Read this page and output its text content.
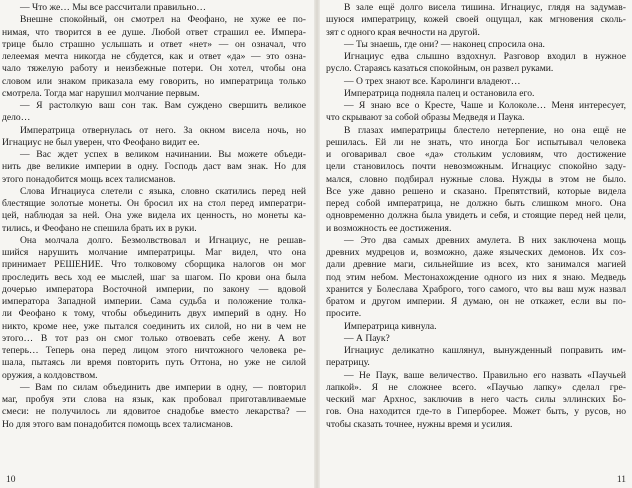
— Что же… Мы все рассчитали правильно…
Внешне спокойный, он смотрел на Феофано, не хуже ее по-
нимая, что творится в ее душе. Любой ответ страшил ее. Импера-
трице было страшно услышать и ответ «нет» — он означал, что
лелеемая мечта никогда не сбудется, как и ответ «да» — это озна-
чало тяжелую работу и неизбежные потери. Он хотел, чтобы она
словом или знаком приказала ему говорить, но императрица только
смотрела. Тогда маг нарушил молчание первым.
— Я растолкую ваш сон так. Вам суждено свершить великое
дело…
Императрица отвернулась от него. За окном висела ночь, но
Игнациус не был уверен, что Феофано видит ее.
— Вас ждет успех в великом начинании. Вы можете объеди-
нить две великие империи в одну. Господь даст вам знак. Но для
этого понадобится мощь всех талисманов.
Слова Игнациуса слетели с языка, словно скатились перед ней
блестящие золотые монеты. Он бросил их на стол перед императри-
цей, наблюдая за ней. Она уже видела их ценность, но монеты ка-
тились, и Феофано не спешила брать их в руки.
Она молчала долго. Безмолвствовал и Игнациус, не решав-
шийся нарушить молчание императрицы. Маг видел, что она
принимает РЕШЕНИЕ. Что толковому сборщика налогов он мог
проследить весь ход ее мыслей, шаг за шагом. По крови она была
дочерью императора Восточной империи, по закону — вдовой
императора Западной империи. Сама судьба и положение толка-
ли Феофано к тому, чтобы объединить двух империй в одну. Но
никто, кроме нее, уже пытался соединить их силой, но ни в чем не
этого… В тот раз он смог только отвоевать себе жену. А вот
теперь… Теперь она перед лицом этого ничтожного человека ре-
шала, пытаясь ли время повторить путь Оттона, но уже не силой
оружия, а колдовством.
— Вам по силам объединить две империи в одну, — повторил
маг, пробуя эти слова на язык, как пробовал приготавливаемые
смеси: не получилось ли ядовитое снадобье вместо лекарства? —
Но для этого вам понадобится помощь всех талисманов.
В зале ещё долго висела тишина. Игнациус, глядя на задумав-
шуюся императрицу, кожей своей ощущал, как мгновения сколь-
зят с одного края вечности на другой.
— Ты знаешь, где они? — наконец спросила она.
Игнациус едва слышно вздохнул. Разговор входил в нужное
русло. Стараясь казаться спокойным, он развел руками.
— О трех знают все. Каролинги владеют…
Императрица подняла палец и остановила его.
— Я знаю все о Кресте, Чаше и Колоколе… Меня интересует,
что скрывают за собой образы Медведя и Паука.
В глазах императрицы блестело нетерпение, но она ещё не
решилась. Ей ли не знать, что иногда Бог испытывал человека
и оговаривал свое «да» стольким условиям, что достижение
цели становилось почти невозможным. Игнациус спокойно заду-
мался, словно подбирал нужные слова. Нужды в этом не было.
Все уже давно решено и сказано. Препятствий, которые видела
перед собой императрица, не должно быть слишком много. Она
одновременно должна была увидеть и себя, и стоящие перед ней цели,
и возможность ее достижения.
— Это два самых древних амулета. В них заключена мощь
древних мудрецов и, возможно, даже языческих демонов. Их соз-
дали древние маги, сильнейшие из всех, кто занимался магией
под этим небом. Местонахождение одного из них я знаю. Медведь
хранится у Болеслава Храброго, того самого, что вы ваш муж назвал
братом и другом империи. Я думаю, он не откажет, если вы по-
просите.
Императрица кивнула.
— А Паук?
Игнациус деликатно кашлянул, вынужденный поправить им-
ператрицу.
— Не Паук, ваше величество. Правильно его назвать «Паучьей
лапкой». Я не сложнее всего. «Паучью лапку» сделал гре-
ческий маг Архнос, заключив в него часть силы эллинских Бо-
гов. Она находится где-то в Гиперборее. Может быть, у русов, но
чтобы сказать точнее, нужны время и усилия.
10	11
